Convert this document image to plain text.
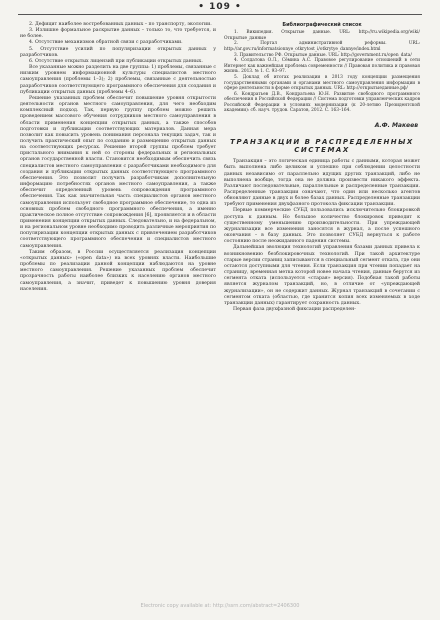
• 109 •

2. Дефицит наиболее востребованных данных – по транспорту, экологии.

3. Излишне формальное раскрытие данных – только то, что требуется, и не более.

4. Отсутствие механизмов обратной связи с разработчиками.

5. Отсутствие усилий по популяризации открытых данных у разработчиков.

6. Отсутствие открытых лицензий при публикации открытых данных.

Все указанные можно разделить на две группы: 1) проблемы, связанные с низким уровнем информационной культуры специалистов местного самоуправления (проблемы 1–3); 2) проблемы, связанные с деятельностью разработчиков соответствующего программного обеспечения для создания и публикации открытых данных (проблемы 4–6).

Решение указанных проблем обеспечит повышение уровня открытости деятельности органов местного самоуправления, для чего необходим комплексный подход. Так, первую группу проблем можно решить проведением массового обучения сотрудников местного самоуправления в области применения концепции открытых данных, а также способов подготовки и публикации соответствующих материалов. Данная мера позволит как повысить уровень понимания персонала текущих задач, так и получить практический опыт по созданию и размещению открытых данных на соответствующих ресурсах. Решение второй группы проблем требует пристального внимания к ней со стороны федеральных и региональных органов государственной власти. Становится необходимым обеспечить связь специалистов местного самоуправления с разработчиками необходимого для создания и публикации открытых данных соответствующего программного обеспечения. Это позволит получить разработчикам дополнительную информацию потребностях органов местного самоуправления, а также обеспечит определенный уровень сопровождения программного обеспечения. Так как значительная часть специалистов органов местного самоуправления использует свободное программное обеспечение, то одна из основных проблем свободного программного обеспечения, а именно практическое полное отсутствие сопровождения [6], проявляется и в области применения концепции открытых данных. Следовательно, и на федеральном, и на региональном уровне необходимо проводить различные мероприятия по популяризации концепции открытых данных с привлечением разработчиков соответствующего программного обеспечения и специалистов местного самоуправления.

Таким образом, в России осуществляется реализация концепции «открытых данных» («open data») на всех уровнях власти. Наибольшие проблемы по реализации данной концепции наблюдаются на уровне местного самоуправления. Решение указанных проблем обеспечит прозрачность работы наиболее близких к населению органов местного самоуправления, а значит, приведет к повышению уровня доверия населения.

Библиографический список

1. Википедия. Открытые данные. URL: http://ru.wikipedia.org/wiki/Открытые_данные

2. Портал административной реформы. URL: http://ar.gov.ru/informatsionnye_otkrytost_i/otkrytye_dannye/index.html

3. Правительство РФ. Открытые данные. URL: http://government.ru/open_data/

4. Солдатова О.Л., Сёмина А.С. Правовое регулирование отношений в сети Интернет как важнейшая проблема современности // Правовая политика и правовая жизнь. 2013. № 1. С. 93–97.

5. Доклад об итогах реализации в 2013 году концепции размещения государственными органами и органами местного самоуправления информации в сфере деятельности в форме открытых данных. URL: http://открытыеданные.рф/

6. Кондратьев Д.В., Кондратьева Ю.Н. Развитие свободного программного обеспечения в Российской Федерации // Система подготовки управленческих кадров Российской Федерации в условиях модернизации (к 20-летию Президентской академии): сб. науч. трудов. Саратов, 2012. С. 163–164.

А.Ф. Макеев
ТРАНЗАКЦИИ В РАСПРЕДЕЛЕННЫХ СИСТЕМАХ

Транзакция – это логическая единица работы с данными, которая может быть выполнена либо целиком и успешно при соблюдении целостности данных независимо от параллельно идущих других транзакций, либо не выполнена вообще, тогда она не должна произвести никакого эффекта. Различают последовательные, параллельные и распределенные транзакции. Распределенные транзакции означают, что один или несколько агентов обновляют данные в двух и более базах данных. Распределенные транзакции требуют применения двухфазного протокола фиксации транзакции.

Первые коммерческие СУБД пользовались исключительно блокировкой доступа к данным. Но большое количество блокировок приводит к существенному уменьшению производительности. При упреждающей журнализации все изменения заносятся в журнал, а после успешного окончания – в базу данных. Это позволяет СУБД вернуться к работе состоянию после неожиданного падения системы.

Дальнейшая эволюция технологий управления базами данных привела к возникновению безблокировочных технологий. При такой архитектуре старые версии страниц записываются в специальный сегмент отката, где они остаются доступными для чтения. Если транзакция при чтении попадает на страницу, временная метка которой новее начала чтения, данные берутся из сегмента отката (используется «старая» версия). Подобная такой работы является журналом транзакций, но, в отличие от «упреждающей журнализации», он не содержит данных. Журнал транзакций в сочетании с сегментом отката (областью, где хранится копия всех изменяемых в ходе транзакции данных) гарантирует сохранность данных.

Первая фаза двухфазной фиксации распределен-

Electronic copy available at: http://ssrn.com/abstract=2406300
